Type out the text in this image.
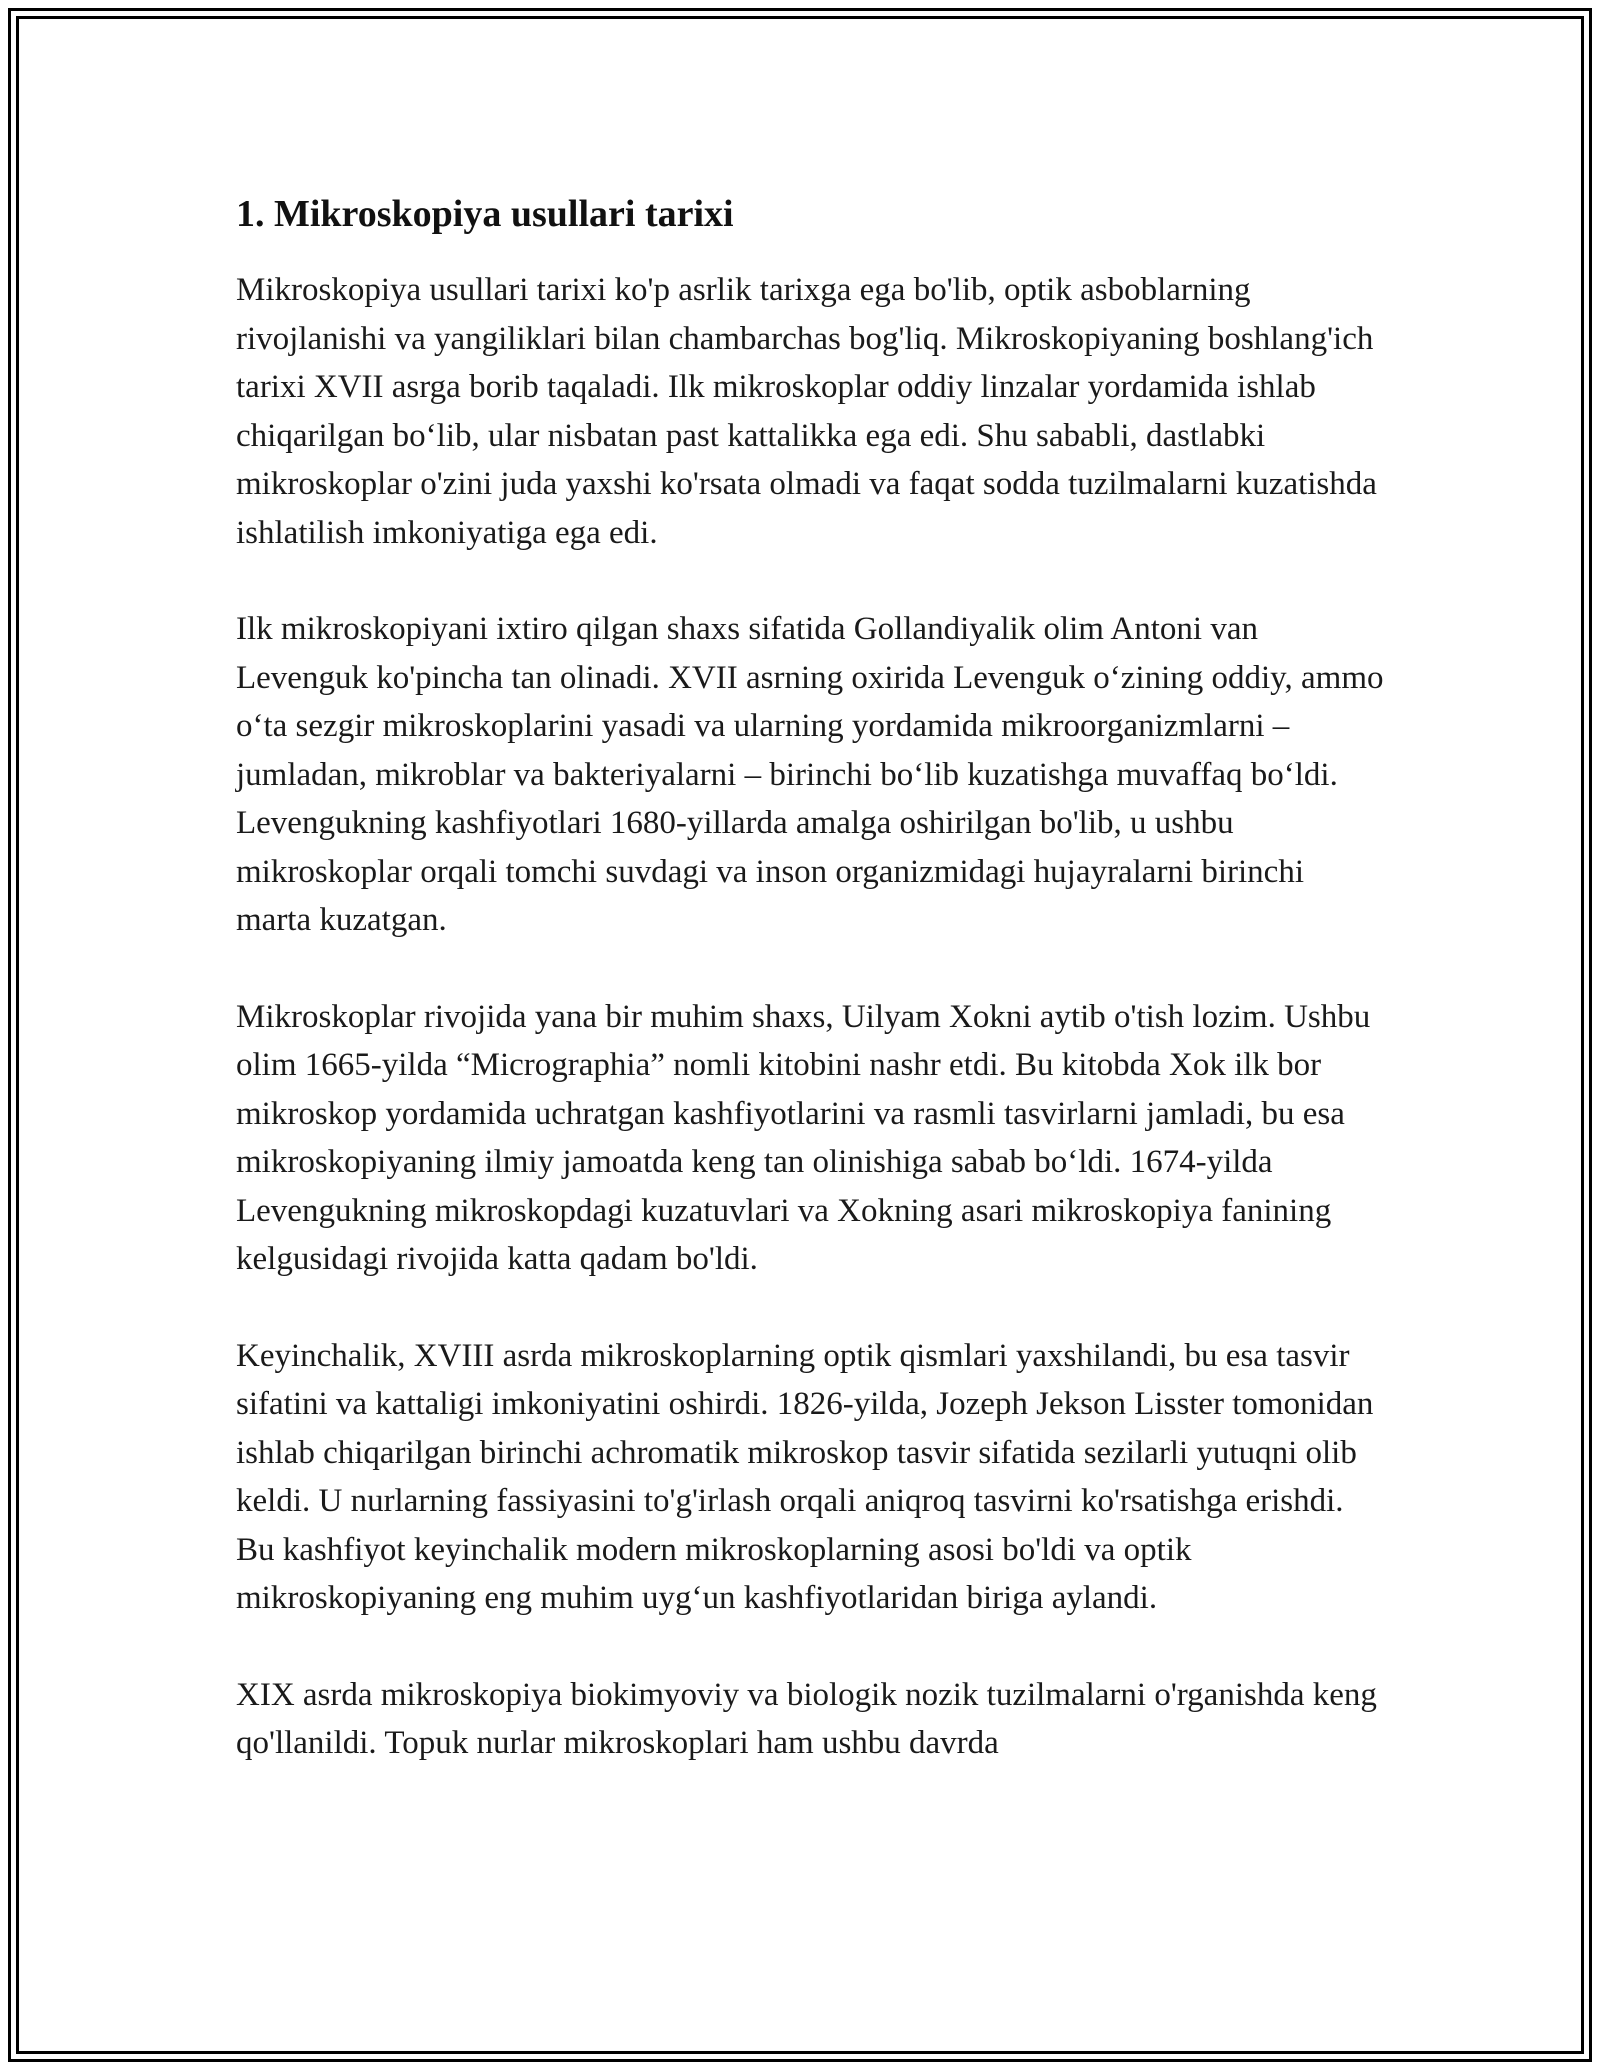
1. Mikroskopiya usullari tarixi

Mikroskopiya usullari tarixi ko'p asrlik tarixga ega bo'lib, optik asboblarning rivojlanishi va yangiliklari bilan chambarchas bog'liq. Mikroskopiyaning boshlang'ich tarixi XVII asrga borib taqaladi. Ilk mikroskoplar oddiy linzalar yordamida ishlab chiqarilgan bo‘lib, ular nisbatan past kattalikka ega edi. Shu sababli, dastlabki mikroskoplar o'zini juda yaxshi ko'rsata olmadi va faqat sodda tuzilmalarni kuzatishda ishlatilish imkoniyatiga ega edi.

Ilk mikroskopiyani ixtiro qilgan shaxs sifatida Gollandiyalik olim Antoni van Levenguk ko'pincha tan olinadi. XVII asrning oxirida Levenguk o‘zining oddiy, ammo o‘ta sezgir mikroskoplarini yasadi va ularning yordamida mikroorganizmlarni – jumladan, mikroblar va bakteriyalarni – birinchi bo‘lib kuzatishga muvaffaq bo‘ldi. Levengukning kashfiyotlari 1680-yillarda amalga oshirilgan bo'lib, u ushbu mikroskoplar orqali tomchi suvdagi va inson organizmidagi hujayralarni birinchi marta kuzatgan.

Mikroskoplar rivojida yana bir muhim shaxs, Uilyam Xokni aytib o'tish lozim. Ushbu olim 1665-yilda “Micrographia” nomli kitobini nashr etdi. Bu kitobda Xok ilk bor mikroskop yordamida uchratgan kashfiyotlarini va rasmli tasvirlarni jamladi, bu esa mikroskopiyaning ilmiy jamoatda keng tan olinishiga sabab bo‘ldi. 1674-yilda Levengukning mikroskopdagi kuzatuvlari va Xokning asari mikroskopiya fanining kelgusidagi rivojida katta qadam bo'ldi.

Keyinchalik, XVIII asrda mikroskoplarning optik qismlari yaxshilandi, bu esa tasvir sifatini va kattaligi imkoniyatini oshirdi. 1826-yilda, Jozeph Jekson Lisster tomonidan ishlab chiqarilgan birinchi achromatik mikroskop tasvir sifatida sezilarli yutuqni olib keldi. U nurlarning fassiyasini to'g'irlash orqali aniqroq tasvirni ko'rsatishga erishdi. Bu kashfiyot keyinchalik modern mikroskoplarning asosi bo'ldi va optik mikroskopiyaning eng muhim uyg‘un kashfiyotlaridan biriga aylandi.

XIX asrda mikroskopiya biokimyoviy va biologik nozik tuzilmalarni o'rganishda keng qo'llanildi. Topuk nurlar mikroskoplari ham ushbu davrda
